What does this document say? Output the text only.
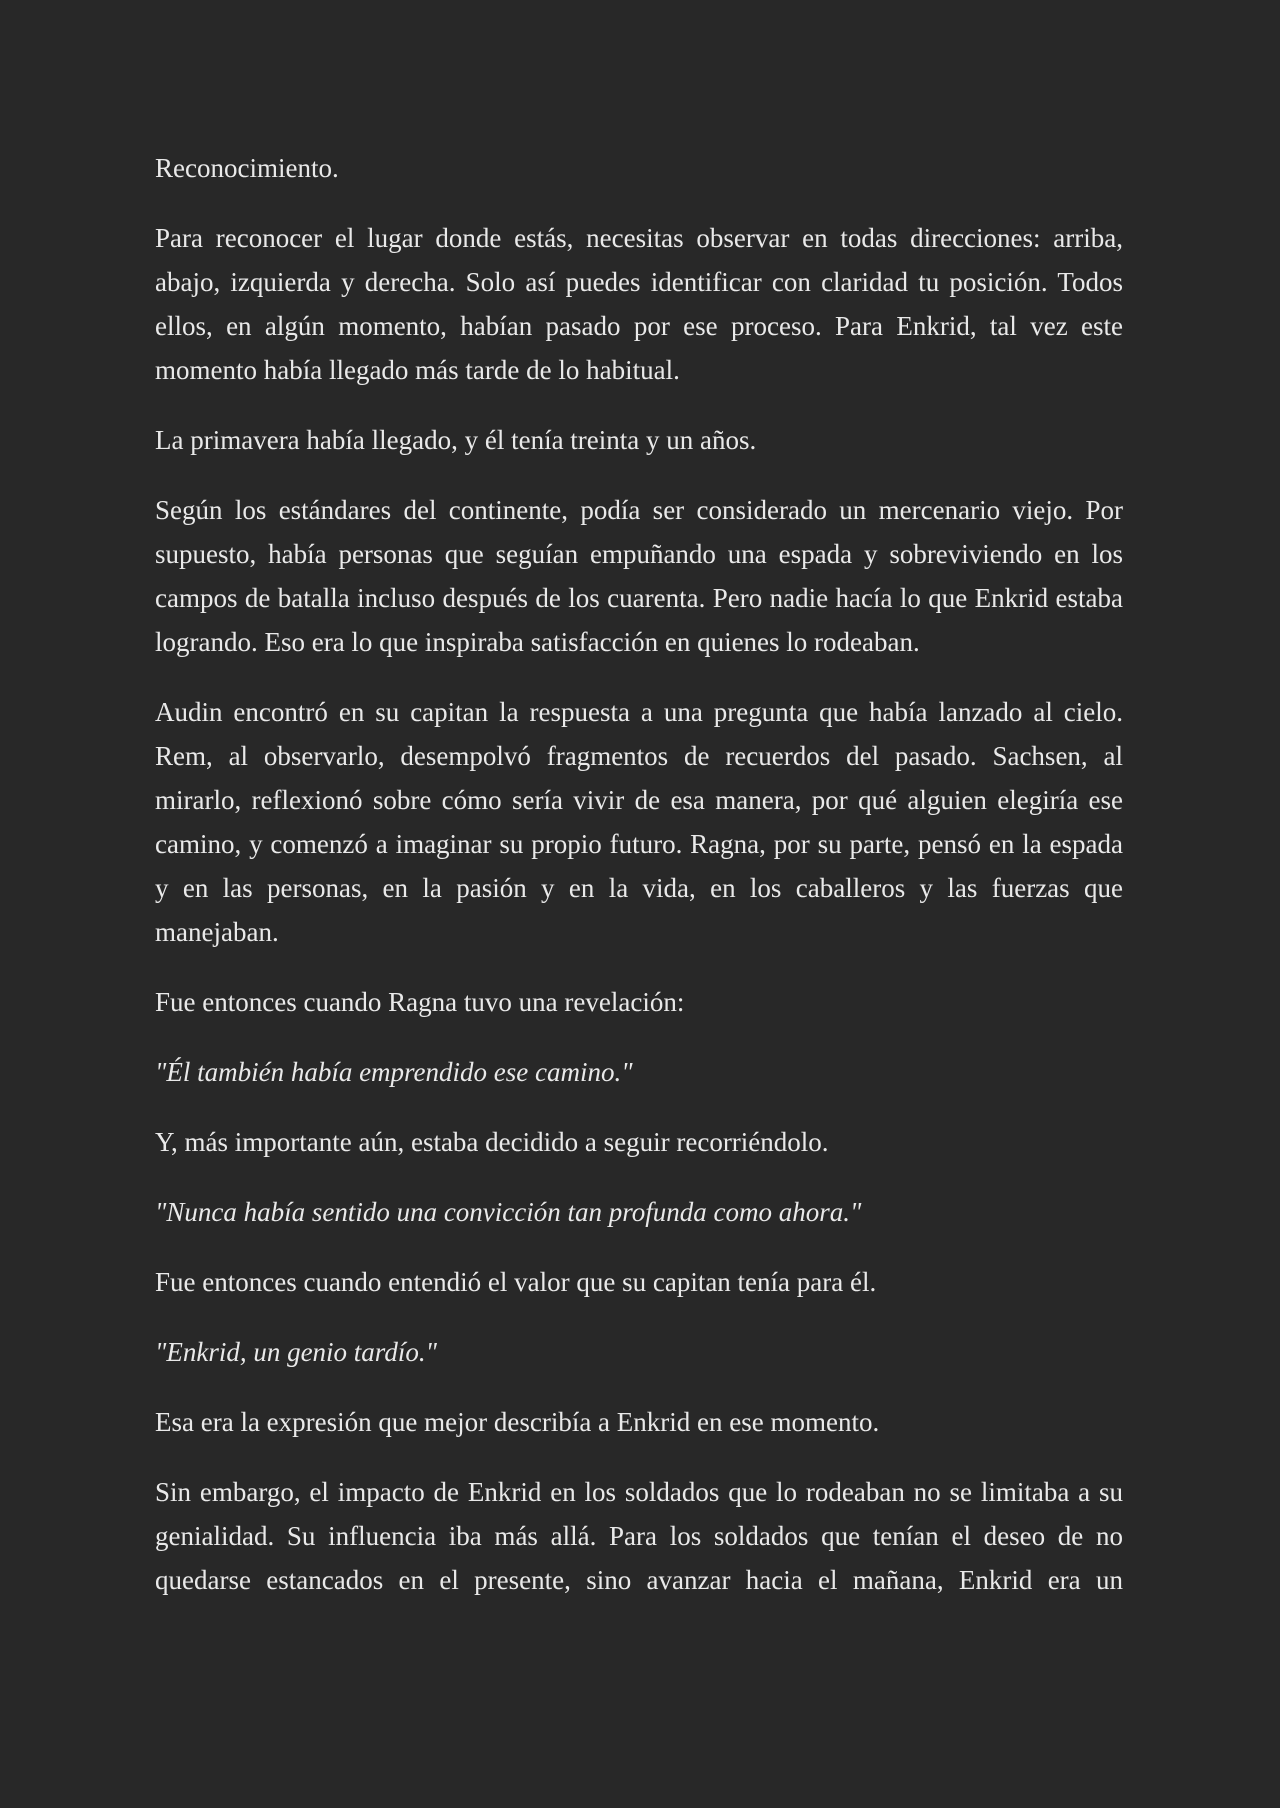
Reconocimiento.

Para reconocer el lugar donde estás, necesitas observar en todas direcciones: arriba, abajo, izquierda y derecha. Solo así puedes identificar con claridad tu posición. Todos ellos, en algún momento, habían pasado por ese proceso. Para Enkrid, tal vez este momento había llegado más tarde de lo habitual.

La primavera había llegado, y él tenía treinta y un años.

Según los estándares del continente, podía ser considerado un mercenario viejo. Por supuesto, había personas que seguían empuñando una espada y sobreviviendo en los campos de batalla incluso después de los cuarenta. Pero nadie hacía lo que Enkrid estaba logrando. Eso era lo que inspiraba satisfacción en quienes lo rodeaban.

Audin encontró en su capitan la respuesta a una pregunta que había lanzado al cielo. Rem, al observarlo, desempolvó fragmentos de recuerdos del pasado. Sachsen, al mirarlo, reflexionó sobre cómo sería vivir de esa manera, por qué alguien elegiría ese camino, y comenzó a imaginar su propio futuro. Ragna, por su parte, pensó en la espada y en las personas, en la pasión y en la vida, en los caballeros y las fuerzas que manejaban.

Fue entonces cuando Ragna tuvo una revelación:

"Él también había emprendido ese camino."

Y, más importante aún, estaba decidido a seguir recorriéndolo.

"Nunca había sentido una convicción tan profunda como ahora."

Fue entonces cuando entendió el valor que su capitan tenía para él.

"Enkrid, un genio tardío."

Esa era la expresión que mejor describía a Enkrid en ese momento.

Sin embargo, el impacto de Enkrid en los soldados que lo rodeaban no se limitaba a su genialidad. Su influencia iba más allá. Para los soldados que tenían el deseo de no quedarse estancados en el presente, sino avanzar hacia el mañana, Enkrid era un
